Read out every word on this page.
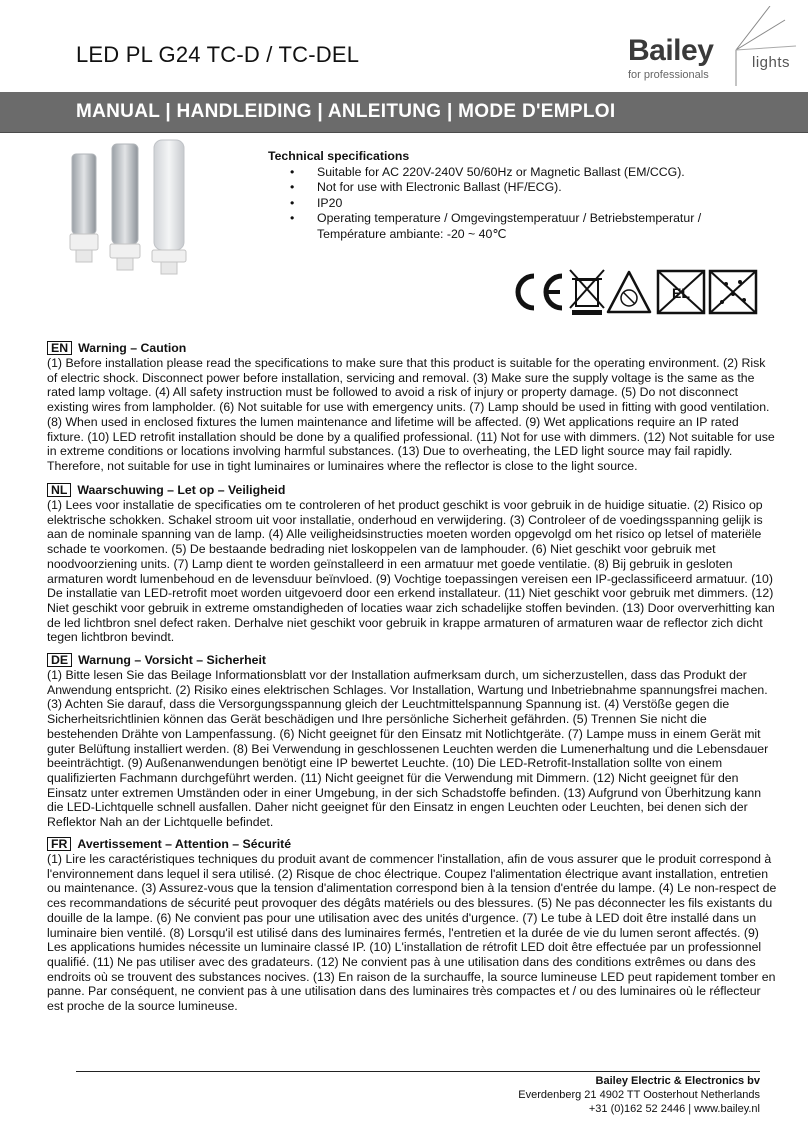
LED PL G24 TC-D / TC-DEL	Bailey
for professionals
lights
MANUAL | HANDLEIDING | ANLEITUNG | MODE D'EMPLOI
Technical specifications
• Suitable for AC 220V-240V 50/60Hz or Magnetic Ballast (EM/CCG).
• Not for use with Electronic Ballast (HF/ECG).
• IP20
• Operating temperature / Omgevingstemperatuur / Betriebstemperatur / Température ambiante: -20 ~ 40℃
EL
EN Warning – Caution

(1) Before installation please read the specifications to make sure that this product is suitable for the operating environment. (2) Risk of electric shock. Disconnect power before installation, servicing and removal. (3) Make sure the supply voltage is the same as the rated lamp voltage. (4) All safety instruction must be followed to avoid a risk of injury or property damage. (5) Do not disconnect existing wires from lampholder. (6) Not suitable for use with emergency units. (7) Lamp should be used in fitting with good ventilation. (8) When used in enclosed fixtures the lumen maintenance and lifetime will be affected. (9) Wet applications require an IP rated fixture. (10) LED retrofit installation should be done by a qualified professional. (11) Not for use with dimmers. (12) Not suitable for use in extreme conditions or locations involving harmful substances. (13) Due to overheating, the LED light source may fail rapidly. Therefore, not suitable for use in tight luminaires or luminaires where the reflector is close to the light source.

NL Waarschuwing – Let op – Veiligheid

(1) Lees voor installatie de specificaties om te controleren of het product geschikt is voor gebruik in de huidige situatie. (2) Risico op elektrische schokken. Schakel stroom uit voor installatie, onderhoud en verwijdering. (3) Controleer of de voedingsspanning gelijk is aan de nominale spanning van de lamp. (4) Alle veiligheidsinstructies moeten worden opgevolgd om het risico op letsel of materiële schade te voorkomen. (5) De bestaande bedrading niet loskoppelen van de lamphouder. (6) Niet geschikt voor gebruik met noodvoorziening units. (7) Lamp dient te worden geïnstalleerd in een armatuur met goede ventilatie. (8) Bij gebruik in gesloten armaturen wordt lumenbehoud en de levensduur beïnvloed. (9) Vochtige toepassingen vereisen een IP-geclassificeerd armatuur. (10) De installatie van LED-retrofit moet worden uitgevoerd door een erkend installateur. (11) Niet geschikt voor gebruik met dimmers. (12) Niet geschikt voor gebruik in extreme omstandigheden of locaties waar zich schadelijke stoffen bevinden. (13) Door oververhitting kan de led lichtbron snel defect raken. Derhalve niet geschikt voor gebruik in krappe armaturen of armaturen waar de reflector zich dicht tegen lichtbron bevindt.

DE Warnung – Vorsicht – Sicherheit

(1) Bitte lesen Sie das Beilage Informationsblatt vor der Installation aufmerksam durch, um sicherzustellen, dass das Produkt der Anwendung entspricht. (2) Risiko eines elektrischen Schlages. Vor Installation, Wartung und Inbetriebnahme spannungsfrei machen. (3) Achten Sie darauf, dass die Versorgungsspannung gleich der Leuchtmittelspannung Spannung ist. (4) Verstöße gegen die Sicherheitsrichtlinien können das Gerät beschädigen und Ihre persönliche Sicherheit gefährden. (5) Trennen Sie nicht die bestehenden Drähte von Lampenfassung. (6) Nicht geeignet für den Einsatz mit Notlichtgeräte. (7) Lampe muss in einem Gerät mit guter Belüftung installiert werden. (8) Bei Verwendung in geschlossenen Leuchten werden die Lumenerhaltung und die Lebensdauer beeinträchtigt. (9) Außenanwendungen benötigt eine IP bewertet Leuchte. (10) Die LED-Retrofit-Installation sollte von einem qualifizierten Fachmann durchgeführt werden. (11) Nicht geeignet für die Verwendung mit Dimmern. (12) Nicht geeignet für den Einsatz unter extremen Umständen oder in einer Umgebung, in der sich Schadstoffe befinden. (13) Aufgrund von Überhitzung kann die LED-Lichtquelle schnell ausfallen. Daher nicht geeignet für den Einsatz in engen Leuchten oder Leuchten, bei denen sich der Reflektor Nah an der Lichtquelle befindet.

FR Avertissement – Attention – Sécurité

(1) Lire les caractéristiques techniques du produit avant de commencer l'installation, afin de vous assurer que le produit correspond à l'environnement dans lequel il sera utilisé. (2) Risque de choc électrique. Coupez l'alimentation électrique avant installation, entretien ou maintenance. (3) Assurez-vous que la tension d'alimentation correspond bien à la tension d'entrée du lampe. (4) Le non-respect de ces recommandations de sécurité peut provoquer des dégâts matériels ou des blessures. (5) Ne pas déconnecter les fils existants du douille de la lampe. (6) Ne convient pas pour une utilisation avec des unités d'urgence. (7) Le tube à LED doit être installé dans un luminaire bien ventilé. (8) Lorsqu'il est utilisé dans des luminaires fermés, l'entretien et la durée de vie du lumen seront affectés. (9) Les applications humides nécessite un luminaire classé IP. (10) L'installation de rétrofit LED doit être effectuée par un professionnel qualifié. (11) Ne pas utiliser avec des gradateurs. (12) Ne convient pas à une utilisation dans des conditions extrêmes ou dans des endroits où se trouvent des substances nocives. (13) En raison de la surchauffe, la source lumineuse LED peut rapidement tomber en panne. Par conséquent, ne convient pas à une utilisation dans des luminaires très compactes et / ou des luminaires où le réflecteur est proche de la source lumineuse.

Bailey Electric & Electronics bv
Everdenberg 21 4902 TT Oosterhout Netherlands
+31 (0)162 52 2446 | www.bailey.nl
